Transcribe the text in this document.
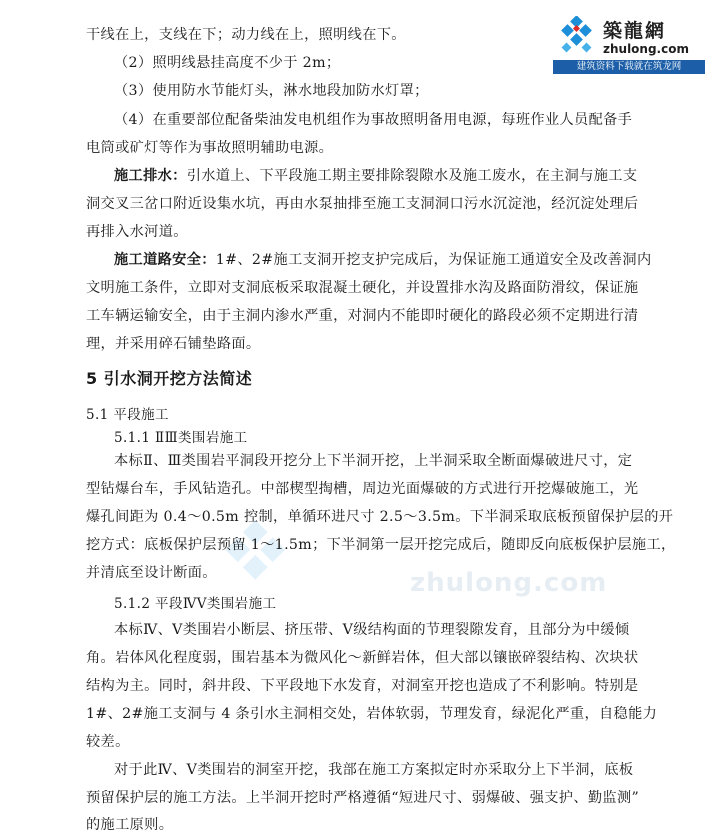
zhulong.com
築龍網
zhulong.com
建筑资料下载就在筑龙网
干线在上，支线在下；动力线在上，照明线在下。
（2）照明线悬挂高度不少于 2m；
（3）使用防水节能灯头，淋水地段加防水灯罩；
（4）在重要部位配备柴油发电机组作为事故照明备用电源，每班作业人员配备手
电筒或矿灯等作为事故照明辅助电源。
施工排水：引水道上、下平段施工期主要排除裂隙水及施工废水，在主洞与施工支
洞交叉三岔口附近设集水坑，再由水泵抽排至施工支洞洞口污水沉淀池，经沉淀处理后
再排入水河道。
施工道路安全：1#、2#施工支洞开挖支护完成后，为保证施工通道安全及改善洞内
文明施工条件，立即对支洞底板采取混凝土硬化，并设置排水沟及路面防滑纹，保证施
工车辆运输安全，由于主洞内渗水严重，对洞内不能即时硬化的路段必须不定期进行清
理，并采用碎石铺垫路面。
5 引水洞开挖方法简述
5.1 平段施工
5.1.1 ⅡⅢ类围岩施工
本标Ⅱ、Ⅲ类围岩平洞段开挖分上下半洞开挖，上半洞采取全断面爆破进尺寸，定
型钻爆台车，手风钻造孔。中部楔型掏槽，周边光面爆破的方式进行开挖爆破施工，光
爆孔间距为 0.4～0.5m 控制，单循环进尺寸 2.5～3.5m。下半洞采取底板预留保护层的开
挖方式：底板保护层预留 1～1.5m；下半洞第一层开挖完成后，随即反向底板保护层施工，
并清底至设计断面。
5.1.2 平段ⅣⅤ类围岩施工
本标Ⅳ、Ⅴ类围岩小断层、挤压带、Ⅴ级结构面的节理裂隙发育，且部分为中缓倾
角。岩体风化程度弱，围岩基本为微风化～新鲜岩体，但大部以镶嵌碎裂结构、次块状
结构为主。同时，斜井段、下平段地下水发育，对洞室开挖也造成了不利影响。特别是
1#、2#施工支洞与 4 条引水主洞相交处，岩体软弱，节理发育，绿泥化严重，自稳能力
较差。
对于此Ⅳ、Ⅴ类围岩的洞室开挖，我部在施工方案拟定时亦采取分上下半洞，底板
预留保护层的施工方法。上半洞开挖时严格遵循“短进尺寸、弱爆破、强支护、勤监测”
的施工原则。
